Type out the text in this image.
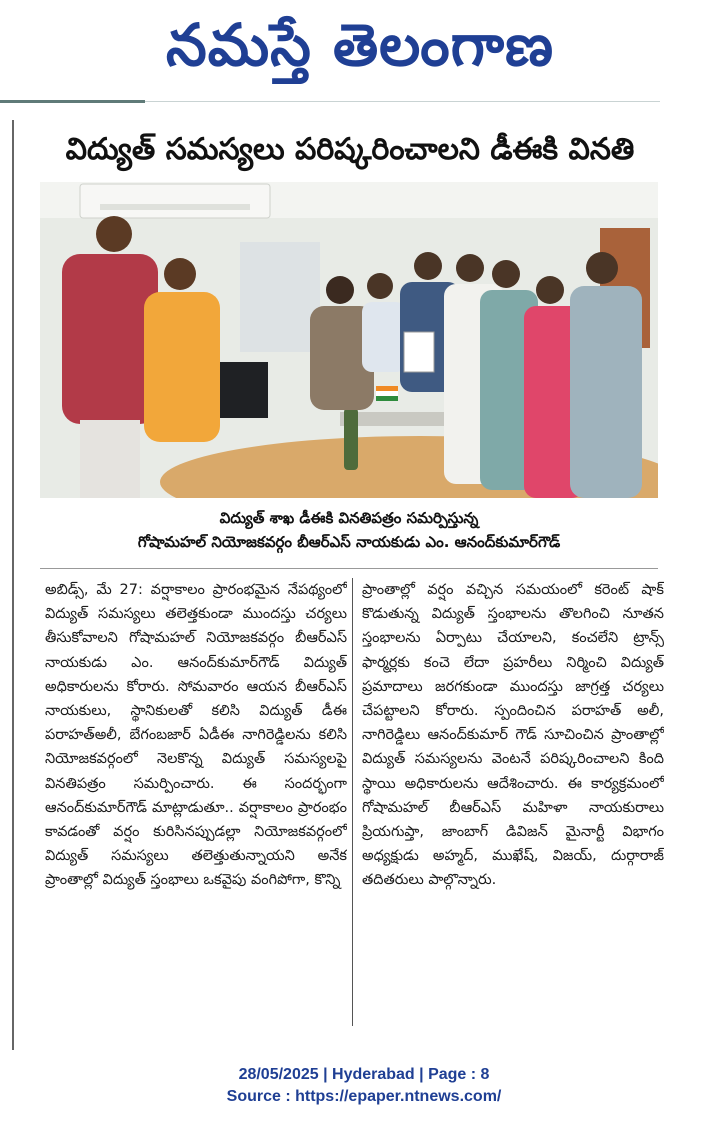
నమస్తే తెలంగాణ
విద్యుత్ సమస్యలు పరిష్కరించాలని డీఈకి వినతి
విద్యుత్ శాఖ డీఈకి వినతిపత్రం సమర్పిస్తున్న
గోషామహల్ నియోజకవర్గం బీఆర్ఎస్ నాయకుడు ఎం. ఆనంద్‌కుమార్‌గౌడ్
అబిడ్స్, మే 27: వర్షాకాలం ప్రారంభమైన నేపథ్యంలో విద్యుత్ సమస్యలు తలెత్తకుండా ముందస్తు చర్యలు తీసుకోవాలని గోషామహల్ నియోజకవర్గం బీఆర్ఎస్ నాయకుడు ఎం. ఆనంద్‌కుమార్‌గౌడ్ విద్యుత్ అధికారులను కోరారు. సోమవారం ఆయన బీఆర్ఎస్ నాయకులు, స్థానికులతో కలిసి విద్యుత్ డీఈ పరాహత్‌అలీ, బేగంబజార్ ఏడీఈ నాగిరెడ్డిలను కలిసి నియోజకవర్గంలో నెలకొన్న విద్యుత్ సమస్యలపై వినతిపత్రం సమర్పించారు. ఈ సందర్భంగా ఆనంద్‌కుమార్‌గౌడ్ మాట్లాడుతూ.. వర్షాకాలం ప్రారంభం కావడంతో వర్షం కురిసినప్పుడల్లా నియోజకవర్గంలో విద్యుత్ సమస్యలు తలెత్తుతున్నాయని అనేక ప్రాంతాల్లో విద్యుత్ స్తంభాలు ఒకవైపు వంగిపోగా, కొన్ని
ప్రాంతాల్లో వర్షం వచ్చిన సమయంలో కరెంట్ షాక్ కొడుతున్న విద్యుత్ స్తంభాలను తొలగించి నూతన స్తంభాలను ఏర్పాటు చేయాలని, కంచలేని ట్రాన్స్ ఫార్మర్లకు కంచె లేదా ప్రహరీలు నిర్మించి విద్యుత్ ప్రమాదాలు జరగకుండా ముందస్తు జాగ్రత్త చర్యలు చేపట్టాలని కోరారు. స్పందించిన పరాహత్ అలీ, నాగిరెడ్డిలు ఆనంద్‌కుమార్ గౌడ్ సూచించిన ప్రాంతాల్లో విద్యుత్ సమస్యలను వెంటనే పరిష్కరించాలని కింది స్థాయి అధికారులను ఆదేశించారు. ఈ కార్యక్రమంలో గోషామహల్ బీఆర్ఎస్ మహిళా నాయకురాలు ప్రియగుప్తా, జాంబాగ్ డివిజన్ మైనార్టీ విభాగం అధ్యక్షుడు అహ్మద్, ముఖేష్, విజయ్, దుర్గారాజ్ తదితరులు పాల్గొన్నారు.
28/05/2025 | Hyderabad | Page : 8
Source : https://epaper.ntnews.com/
